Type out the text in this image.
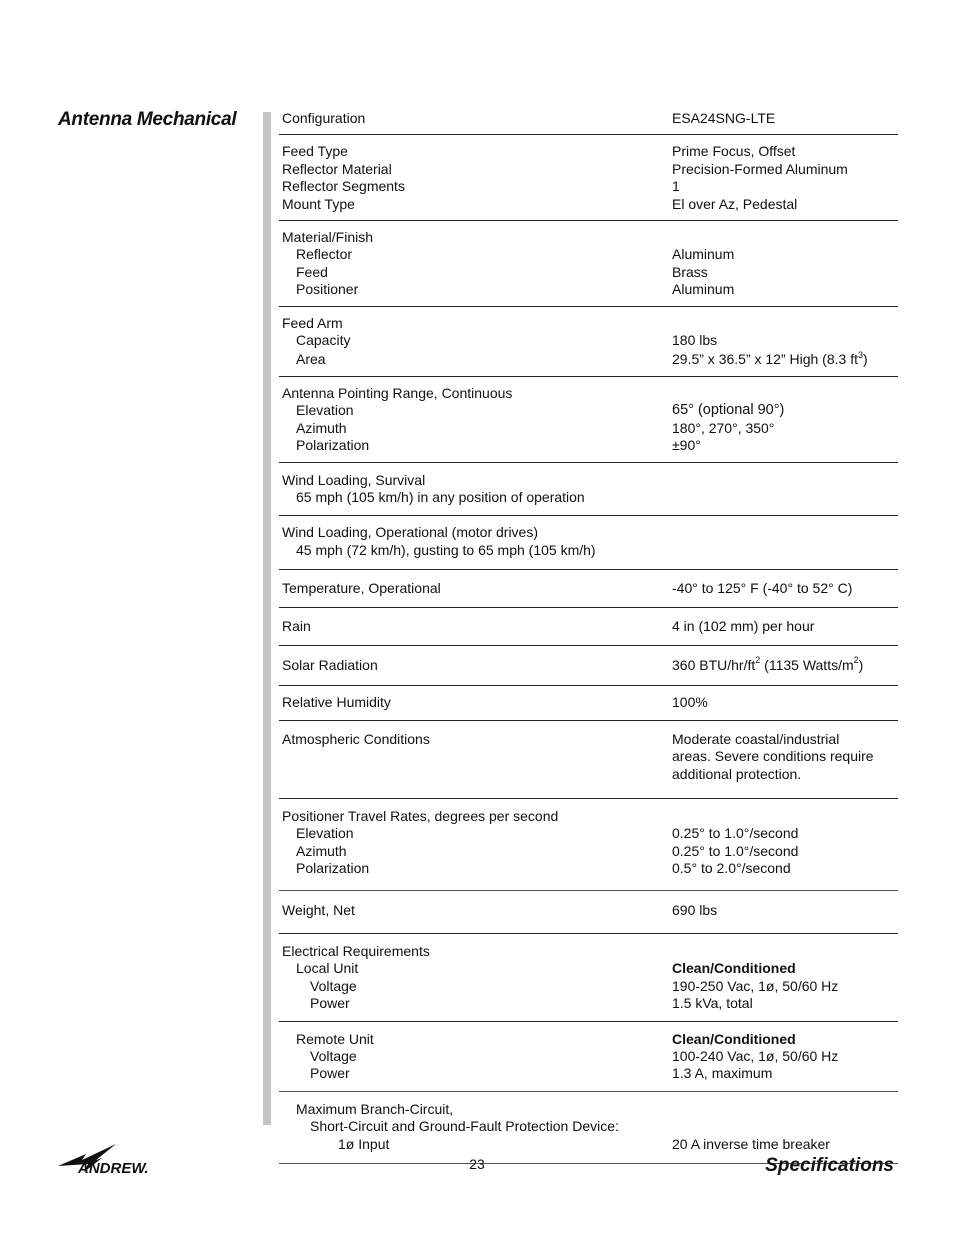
Antenna Mechanical	Configuration	ESA24SNG-LTE
Feed Type	Prime Focus, Offset
Reflector Material	Precision-Formed Aluminum
Reflector Segments	1
Mount Type	El over Az, Pedestal
Material/Finish
Reflector	Aluminum
Feed	Brass
Positioner	Aluminum
Feed Arm
Capacity	180 lbs
Area	29.5” x 36.5” x 12” High (8.3 $ft^3$)
Antenna Pointing Range, Continuous
Elevation	65° (optional 90°)
Azimuth	180°, 270°, 350°
Polarization	±90°
Wind Loading, Survival
65 mph (105 km/h) in any position of operation
Wind Loading, Operational (motor drives)
45 mph (72 km/h), gusting to 65 mph (105 km/h)
Temperature, Operational	-40° to 125° F (-40° to 52° C)
Rain	4 in (102 mm) per hour
Solar Radiation	360 BTU/$hr/ft^2$ (1135 Watts/$m^2$)
Relative Humidity	100%
Atmospheric Conditions	Moderate coastal/industrial
areas. Severe conditions require
additional protection.
Positioner Travel Rates, degrees per second
Elevation	0.25° to 1.0°/second
Azimuth	0.25° to 1.0°/second
Polarization	0.5° to 2.0°/second
Weight, Net	690 lbs
Electrical Requirements
Local Unit	Clean/Conditioned
Voltage	190-250 Vac, 1ø, 50/60 Hz
Power	1.5 kVa, total
Remote Unit	Clean/Conditioned
Voltage	100-240 Vac, 1ø, 50/60 Hz
Power	1.3 A, maximum
Maximum Branch-Circuit,
Short-Circuit and Ground-Fault Protection Device:
1ø Input	20 A inverse time breaker
ANDREW.	23	Specifications
